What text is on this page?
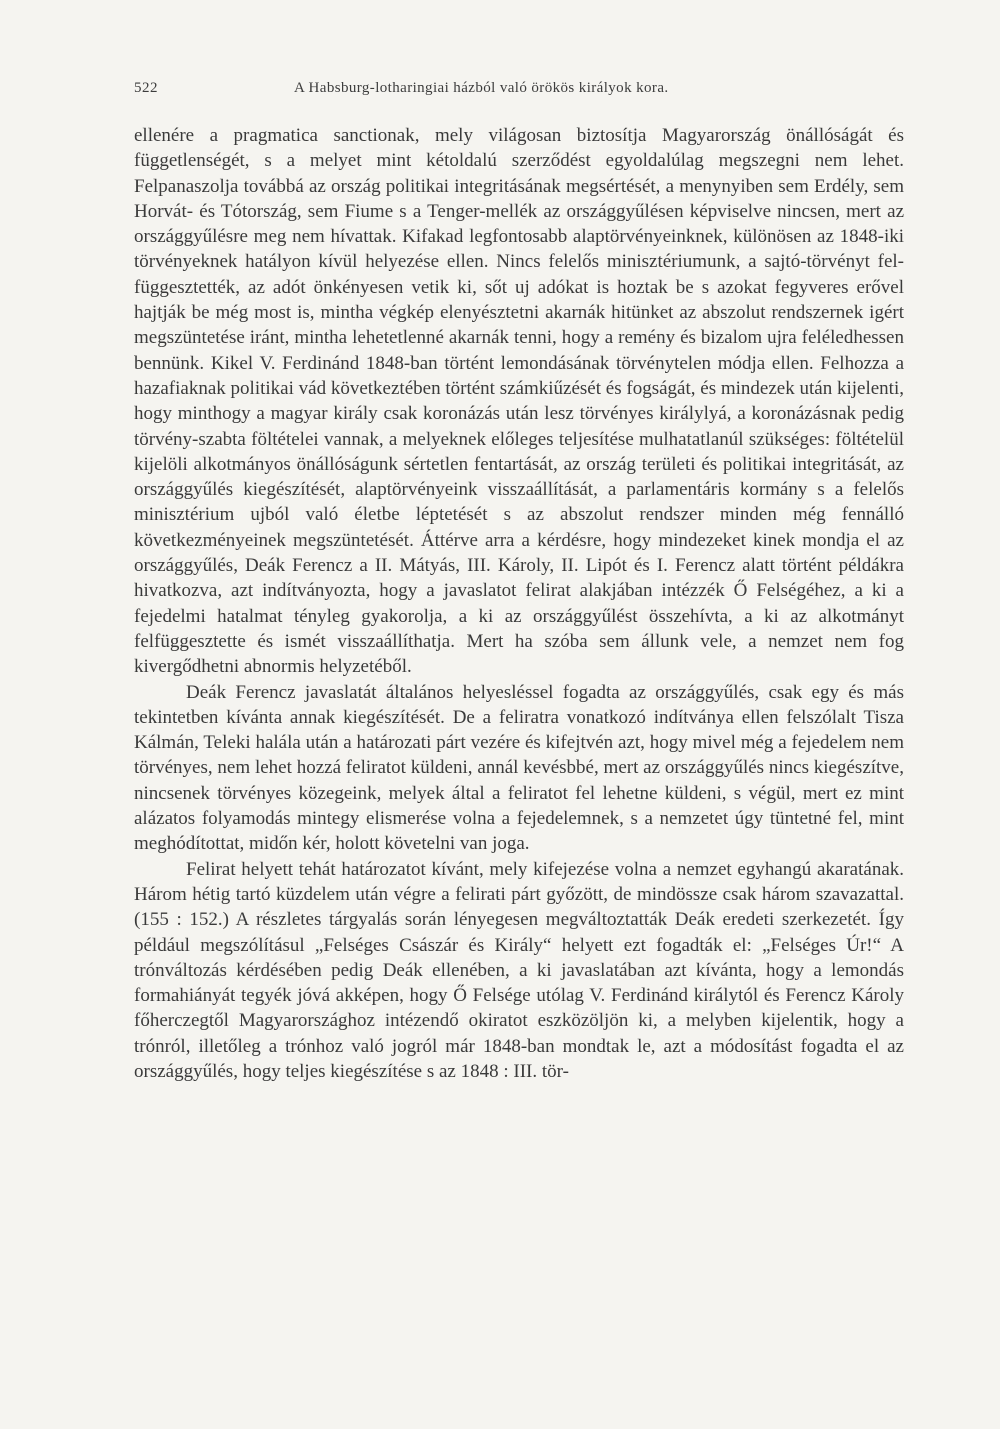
522	A Habsburg-lotharingiai házból való örökös királyok kora.

ellenére a pragmatica sanctionak, mely világosan biztosítja Magyarország önállóságát és függetlenségét, s a melyet mint kétoldalú szerződést egyoldalúlag megszegni nem lehet. Felpanaszolja továbbá az ország politikai integritásának megsértését, a menynyiben sem Erdély, sem Horvát- és Tótország, sem Fiume s a Tenger-mellék az országgyűlésen képviselve nincsen, mert az országgyűlésre meg nem hívattak. Kifakad legfontosabb alaptörvényeinknek, különösen az 1848-iki törvényeknek hatályon kívül helyezése ellen. Nincs felelős minisztériumunk, a sajtó-törvényt felfüggesztették, az adót önkényesen vetik ki, sőt uj adókat is hoztak be s azokat fegyveres erővel hajtják be még most is, mintha végkép elenyésztetni akarnák hitünket az abszolut rendszernek igért megszüntetése iránt, mintha lehetetlenné akarnák tenni, hogy a remény és bizalom ujra feléledhessen bennünk. Kikel V. Ferdinánd 1848-ban történt lemondásának törvénytelen módja ellen. Felhozza a hazafiaknak politikai vád következtében történt számkiűzését és fogságát, és mindezek után kijelenti, hogy minthogy a magyar király csak koronázás után lesz törvényes királylyá, a koronázásnak pedig törvény-szabta föltételei vannak, a melyeknek előleges teljesítése mulhatatlanúl szükséges: föltételül kijelöli alkotmányos önállóságunk sértetlen fentartását, az ország területi és politikai integritását, az országgyűlés kiegészítését, alaptörvényeink visszaállítását, a parlamentáris kormány s a felelős minisztérium ujból való életbe léptetését s az abszolut rendszer minden még fennálló következményeinek megszüntetését. Áttérve arra a kérdésre, hogy mindezeket kinek mondja el az országgyűlés, Deák Ferencz a II. Mátyás, III. Károly, II. Lipót és I. Ferencz alatt történt példákra hivatkozva, azt indítványozta, hogy a javaslatot felirat alakjában intézzék Ő Felségéhez, a ki a fejedelmi hatalmat tényleg gyakorolja, a ki az országgyűlést összehívta, a ki az alkotmányt felfüggesztette és ismét visszaállíthatja. Mert ha szóba sem állunk vele, a nemzet nem fog kivergődhetni abnormis helyzetéből.

Deák Ferencz javaslatát általános helyesléssel fogadta az országgyűlés, csak egy és más tekintetben kívánta annak kiegészítését. De a feliratra vonatkozó indítványa ellen felszólalt Tisza Kálmán, Teleki halála után a határozati párt vezére és kifejtvén azt, hogy mivel még a fejedelem nem törvényes, nem lehet hozzá feliratot küldeni, annál kevésbbé, mert az országgyűlés nincs kiegészítve, nincsenek törvényes közegeink, melyek által a feliratot fel lehetne küldeni, s végül, mert ez mint alázatos folyamodás mintegy elismerése volna a fejedelemnek, s a nemzetet úgy tüntetné fel, mint meghódítottat, midőn kér, holott követelni van joga.

Felirat helyett tehát határozatot kívánt, mely kifejezése volna a nemzet egyhangú akaratának. Három hétig tartó küzdelem után végre a felirati párt győzött, de mindössze csak három szavazattal. (155 : 152.) A részletes tárgyalás során lényegesen megváltoztatták Deák eredeti szerkezetét. Így például megszólításul „Felséges Császár és Király“ helyett ezt fogadták el: „Felséges Úr!“ A trónváltozás kérdésében pedig Deák ellenében, a ki javaslatában azt kívánta, hogy a lemondás formahiányát tegyék jóvá akképen, hogy Ő Felsége utólag V. Ferdinánd királytól és Ferencz Károly főherczegtől Magyarországhoz intézendő okiratot eszközöljön ki, a melyben kijelentik, hogy a trónról, illetőleg a trónhoz való jogról már 1848-ban mondtak le, azt a módosítást fogadta el az országgyűlés, hogy teljes kiegészítése s az 1848 : III. tör-
